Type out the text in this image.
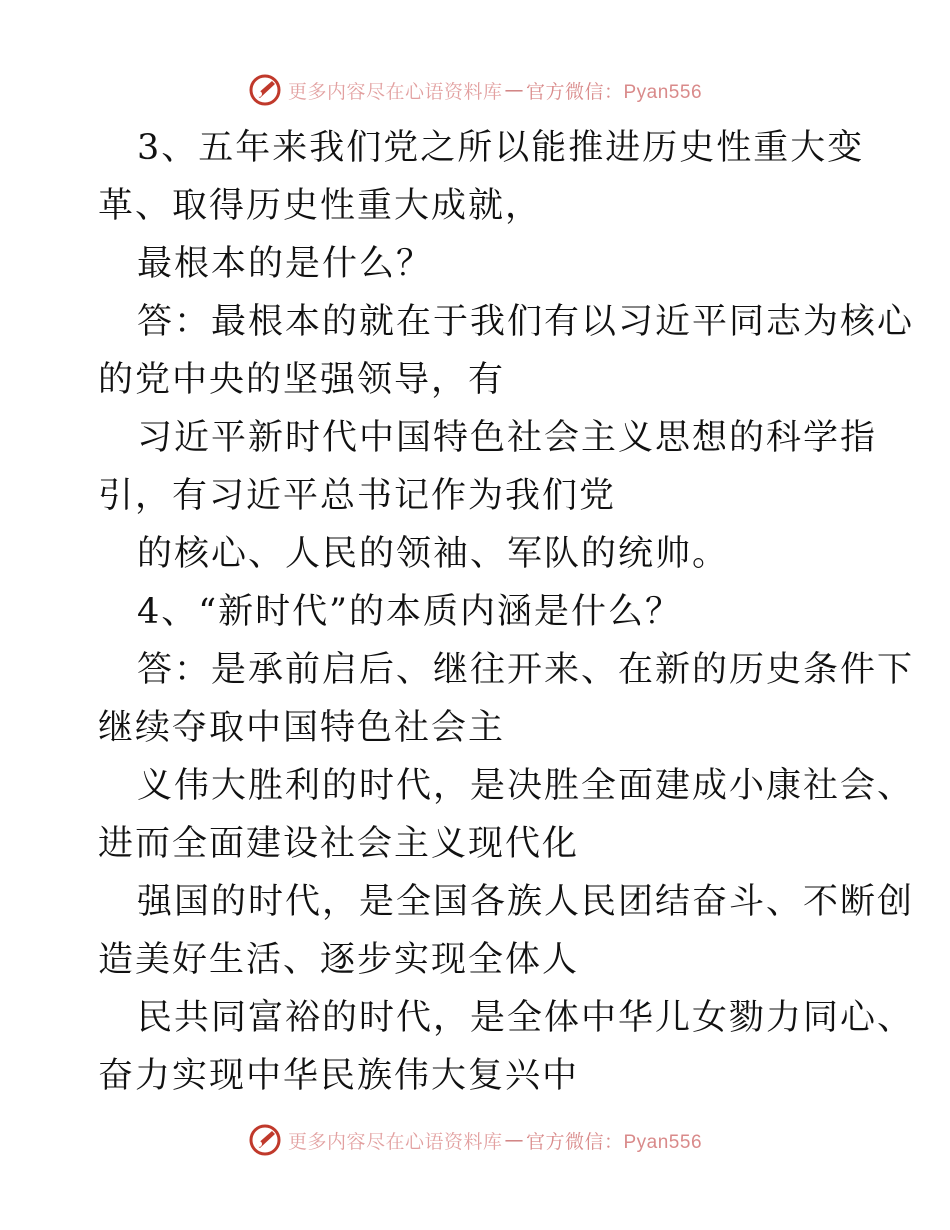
更多内容尽在心语资料库 — 官方微信：Pyan556
3、五年来我们党之所以能推进历史性重大变
革、取得历史性重大成就，
最根本的是什么？
答：最根本的就在于我们有以习近平同志为核心
的党中央的坚强领导，有
习近平新时代中国特色社会主义思想的科学指
引，有习近平总书记作为我们党
的核心、人民的领袖、军队的统帅。
4、“新时代”的本质内涵是什么？
答：是承前启后、继往开来、在新的历史条件下
继续夺取中国特色社会主
义伟大胜利的时代，是决胜全面建成小康社会、
进而全面建设社会主义现代化
强国的时代，是全国各族人民团结奋斗、不断创
造美好生活、逐步实现全体人
民共同富裕的时代，是全体中华儿女勠力同心、
奋力实现中华民族伟大复兴中
更多内容尽在心语资料库 — 官方微信：Pyan556
